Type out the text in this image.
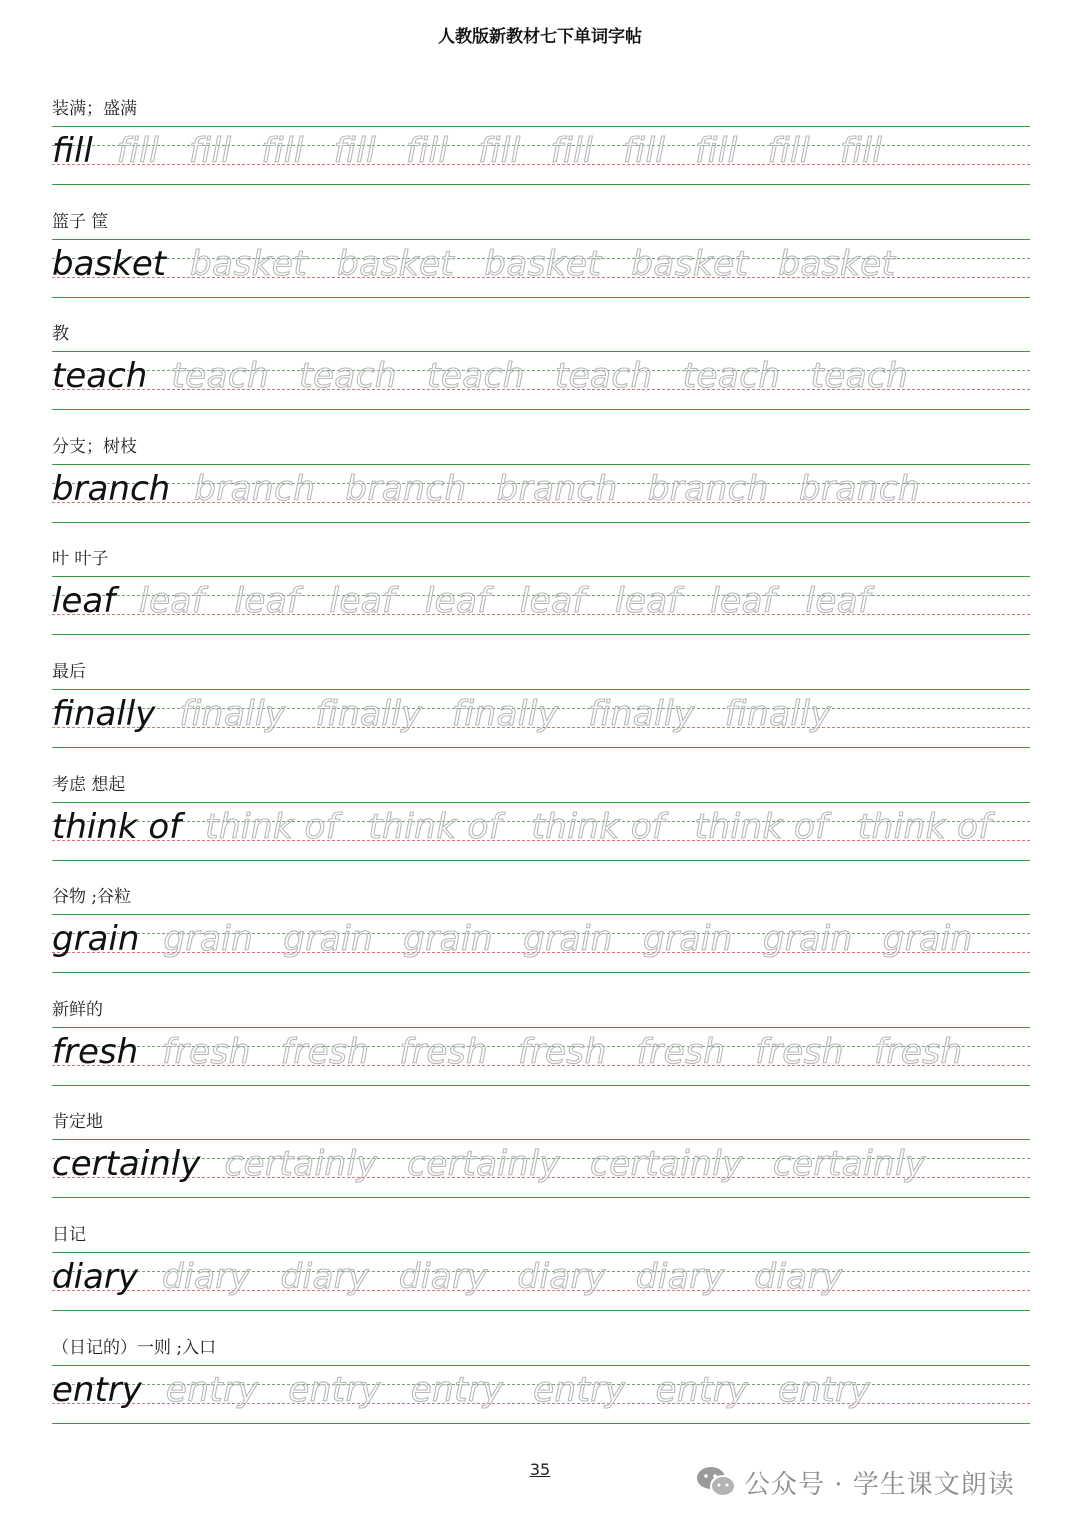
人教版新教材七下单词字帖
装满；盛满
fill fill fill fill fill fill fill fill fill fill fill fill
篮子 筐
basket basket basket basket basket basket
教
teach teach teach teach teach teach teach
分支；树枝
branch branch branch branch branch branch
叶 叶子
leaf leaf leaf leaf leaf leaf leaf leaf leaf
最后
finally finally finally finally finally finally
考虑 想起
think of think of think of think of think of think of
谷物 ;谷粒
grain grain grain grain grain grain grain grain
新鲜的
fresh fresh fresh fresh fresh fresh fresh fresh
肯定地
certainly certainly certainly certainly certainly
日记
diary diary diary diary diary diary diary
（日记的）一则 ;入口
entry entry entry entry entry entry entry
35	公众号 · 学生课文朗读
